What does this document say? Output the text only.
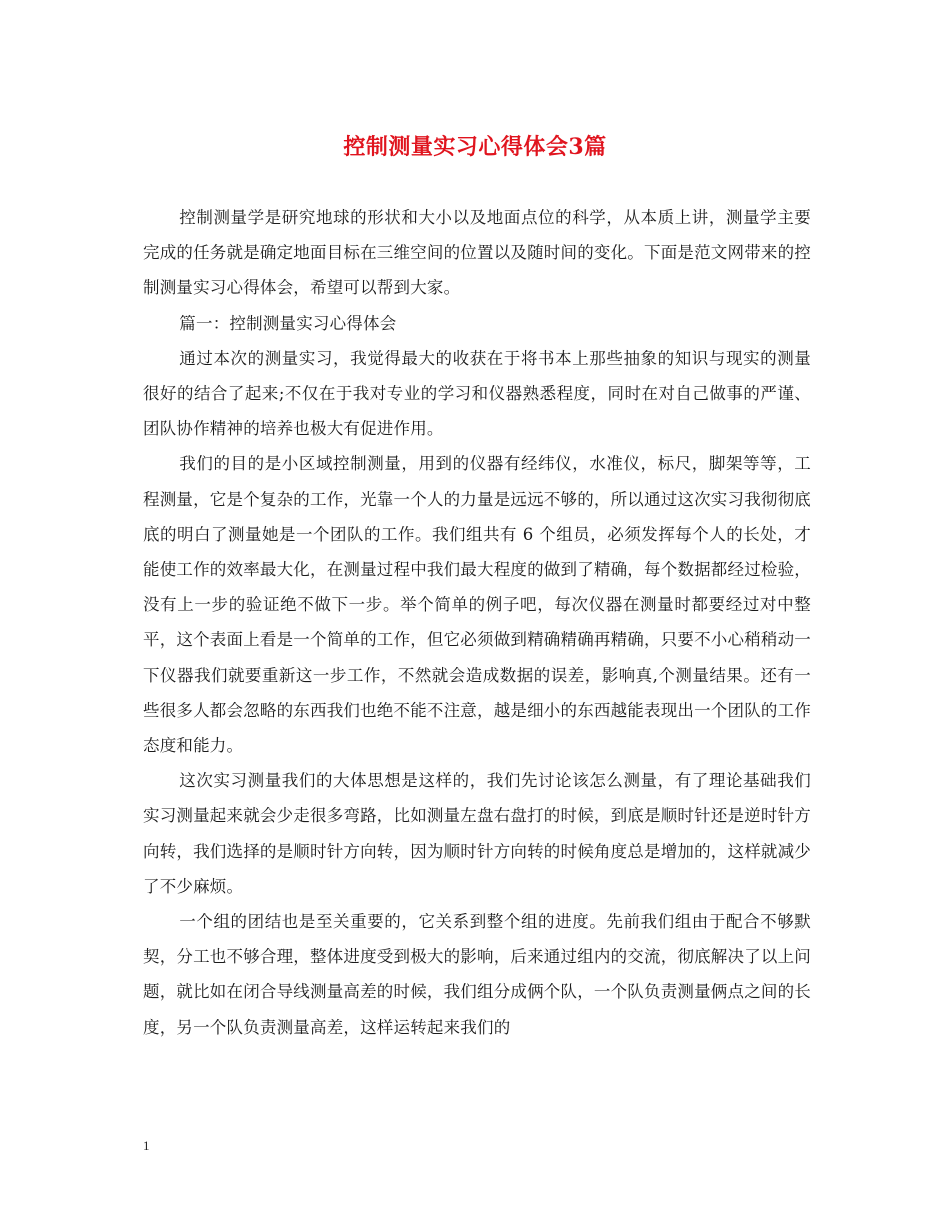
控制测量实习心得体会3篇

控制测量学是研究地球的形状和大小以及地面点位的科学，从本质上讲，测量学主要完成的任务就是确定地面目标在三维空间的位置以及随时间的变化。下面是范文网带来的控制测量实习心得体会，希望可以帮到大家。

篇一：控制测量实习心得体会

通过本次的测量实习，我觉得最大的收获在于将书本上那些抽象的知识与现实的测量很好的结合了起来;不仅在于我对专业的学习和仪器熟悉程度，同时在对自己做事的严谨、团队协作精神的培养也极大有促进作用。

我们的目的是小区域控制测量，用到的仪器有经纬仪，水准仪，标尺，脚架等等，工程测量，它是个复杂的工作，光靠一个人的力量是远远不够的，所以通过这次实习我彻彻底底的明白了测量她是一个团队的工作。我们组共有 6 个组员，必须发挥每个人的长处，才能使工作的效率最大化，在测量过程中我们最大程度的做到了精确，每个数据都经过检验，没有上一步的验证绝不做下一步。举个简单的例子吧，每次仪器在测量时都要经过对中整平，这个表面上看是一个简单的工作，但它必须做到精确精确再精确，只要不小心稍稍动一下仪器我们就要重新这一步工作，不然就会造成数据的误差，影响真,个测量结果。还有一些很多人都会忽略的东西我们也绝不能不注意，越是细小的东西越能表现出一个团队的工作态度和能力。

这次实习测量我们的大体思想是这样的，我们先讨论该怎么测量，有了理论基础我们实习测量起来就会少走很多弯路，比如测量左盘右盘打的时候，到底是顺时针还是逆时针方向转，我们选择的是顺时针方向转，因为顺时针方向转的时候角度总是增加的，这样就减少了不少麻烦。

一个组的团结也是至关重要的，它关系到整个组的进度。先前我们组由于配合不够默契，分工也不够合理，整体进度受到极大的影响，后来通过组内的交流，彻底解决了以上问题，就比如在闭合导线测量高差的时候，我们组分成俩个队，一个队负责测量俩点之间的长度，另一个队负责测量高差，这样运转起来我们的

1
